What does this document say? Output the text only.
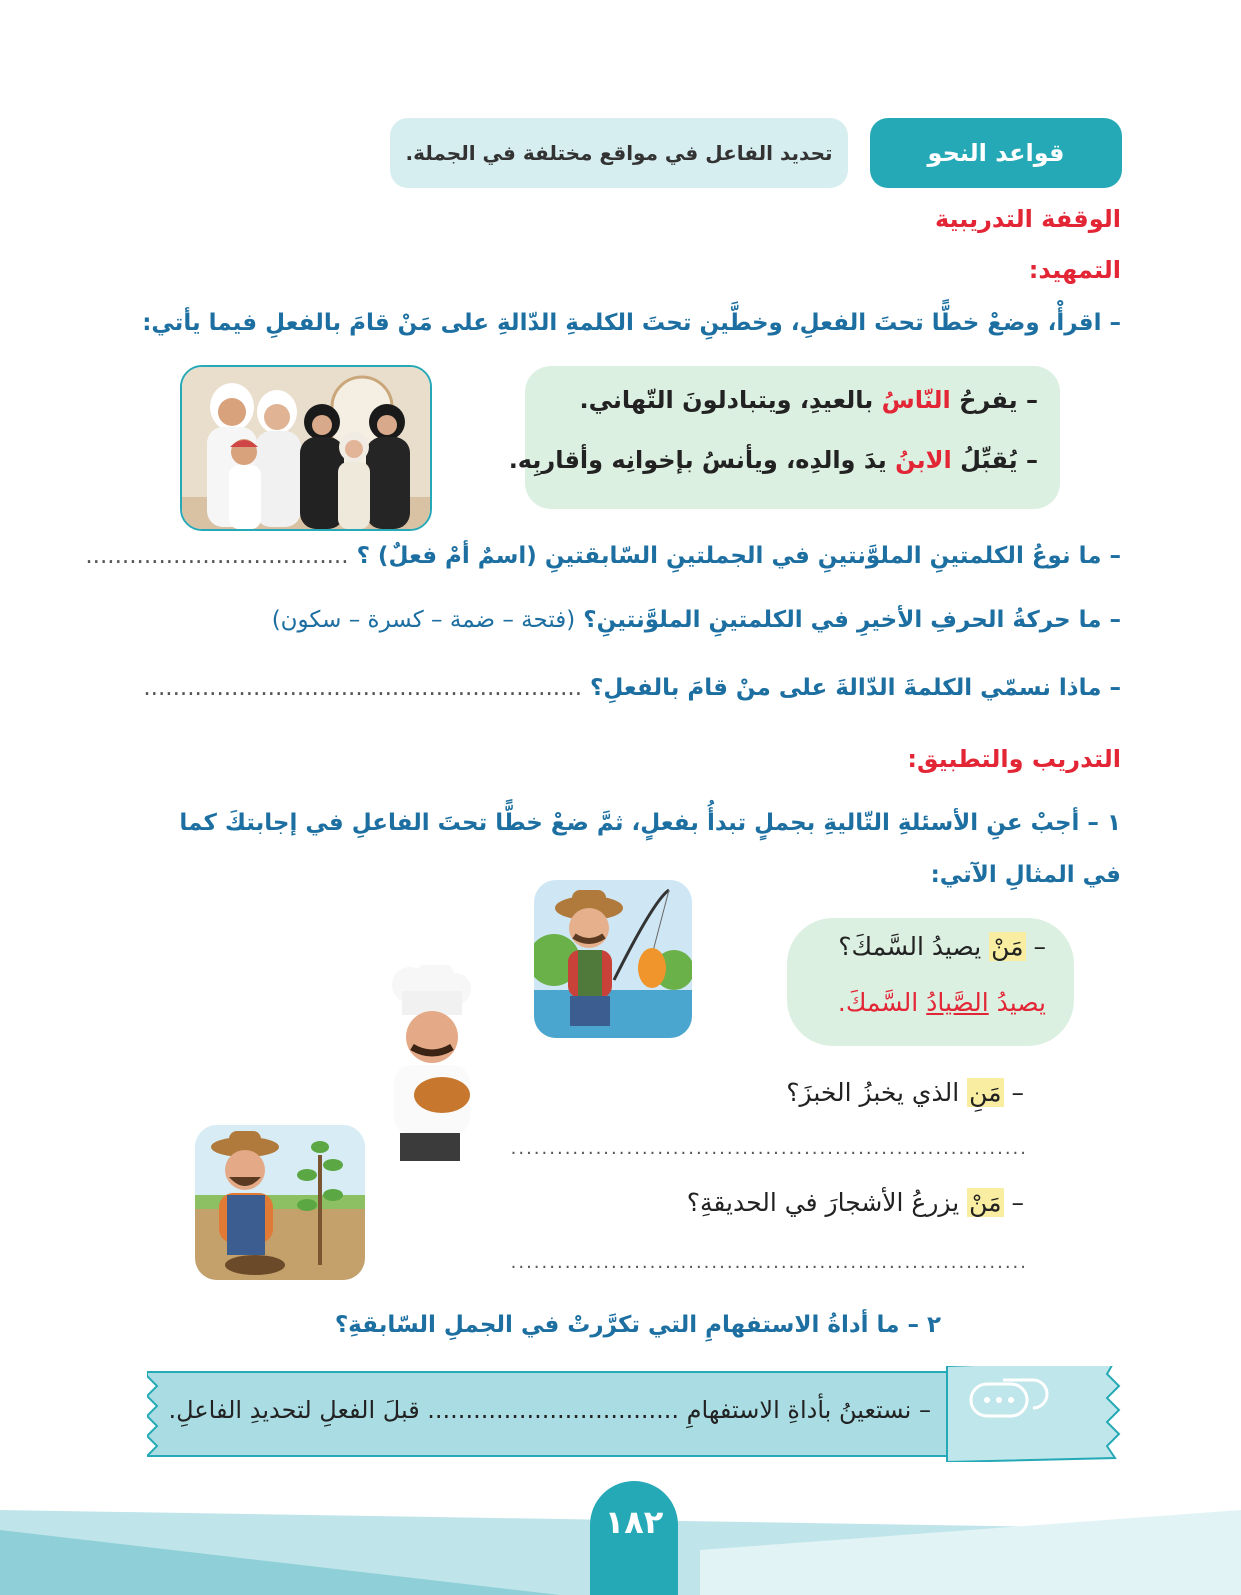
قواعد النحو
تحديد الفاعل في مواقع مختلفة في الجملة.
الوقفة التدريبية
التمهيد:
– اقرأْ، وضعْ خطًّا تحتَ الفعلِ، وخطَّينِ تحتَ الكلمةِ الدّالةِ على مَنْ قامَ بالفعلِ فيما يأتي:

– يفرحُ النّاسُ بالعيدِ، ويتبادلونَ التّهاني.

– يُقبِّلُ الابنُ يدَ والدِه، ويأنسُ بإخوانِه وأقاربِه.

– ما نوعُ الكلمتينِ الملوَّنتينِ في الجملتينِ السّابقتينِ (اسمٌ أمْ فعلٌ) ؟ ....................................
– ما حركةُ الحرفِ الأخيرِ في الكلمتينِ الملوَّنتينِ؟ (فتحة – ضمة – كسرة – سكون)
– ماذا نسمّي الكلمةَ الدّالةَ على منْ قامَ بالفعلِ؟ ............................................................
التدريب والتطبيق:
١ – أجبْ عنِ الأسئلةِ التّاليةِ بجملٍ تبدأُ بفعلٍ، ثمَّ ضعْ خطًّا تحتَ الفاعلِ في إجابتكَ كما
في المثالِ الآتي:

– مَنْ يصيدُ السَّمكَ؟

يصيدُ الصَّيادُ السَّمكَ.

– مَنِ الذي يخبزُ الخبزَ؟
...................................................................
– مَنْ يزرعُ الأشجارَ في الحديقةِ؟
...................................................................
٢ – ما أداةُ الاستفهامِ التي تكرَّرتْ في الجملِ السّابقةِ؟
– نستعينُ بأداةِ الاستفهامِ ................................. قبلَ الفعلِ لتحديدِ الفاعلِ.
١٨٢
